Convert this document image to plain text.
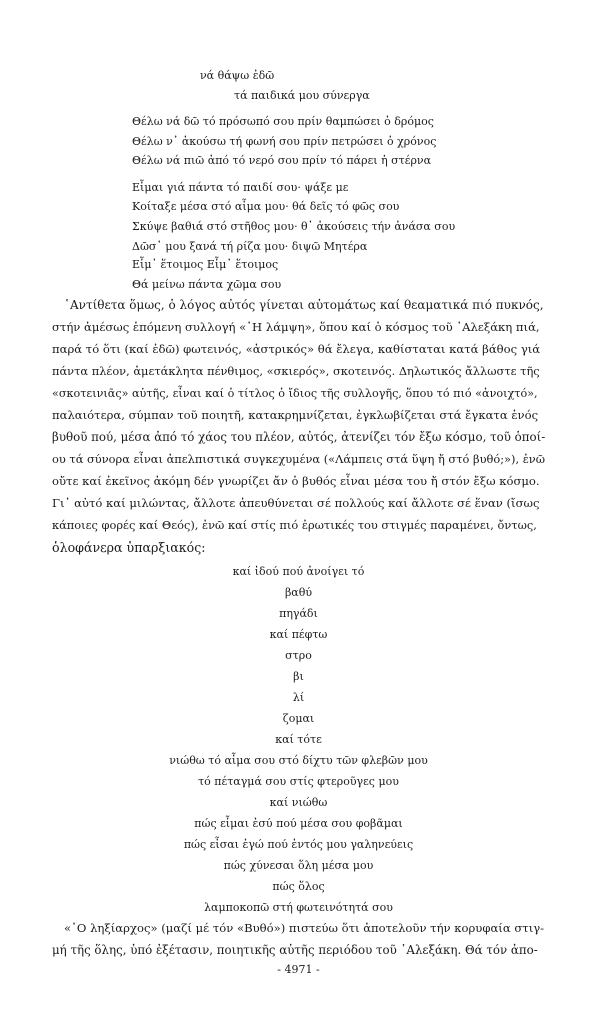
νά θάψω ἐδῶ
τά παιδικά μου σύνεργα
Θέλω νά δῶ τό πρόσωπό σου πρίν θαμπώσει ὁ δρόμος
Θέλω ν᾿ ἀκούσω τή φωνή σου πρίν πετρώσει ὁ χρόνος
Θέλω νά πιῶ ἀπό τό νερό σου πρίν τό πάρει ἡ στέρνα
Εἶμαι γιά πάντα τό παιδί σου· ψάξε με
Κοίταξε μέσα στό αἷμα μου· θά δεῖς τό φῶς σου
Σκύψε βαθιά στό στῆθος μου· θ᾿ ἀκούσεις τήν ἀνάσα σου
Δῶσ᾿ μου ξανά τή ρίζα μου· διψῶ Μητέρα
Εἶμ᾿ ἕτοιμος Εἶμ᾿ ἕτοιμος
Θά μείνω πάντα χῶμα σου
῾Αντίθετα ὅμως, ὁ λόγος αὐτός γίνεται αὐτομάτως καί θεαματικά πιό πυκνός,
στήν ἀμέσως ἑπόμενη συλλογή «῾Η λάμψη», ὅπου καί ὁ κόσμος τοῦ ᾿Αλεξάκη πιά,
παρά τό ὅτι (καί ἐδῶ) φωτεινός, «ἀστρικός» θά ἔλεγα, καθίσταται κατά βάθος γιά
πάντα πλέον, ἀμετάκλητα πένθιμος, «σκιερός», σκοτεινός. Δηλωτικός ἄλλωστε τῆς
«σκοτεινιᾶς» αὐτῆς, εἶναι καί ὁ τίτλος ὁ ἴδιος τῆς συλλογῆς, ὅπου τό πιό «ἀνοιχτό»,
παλαιότερα, σύμπαν τοῦ ποιητῆ, κατακρημνίζεται, ἐγκλωβίζεται στά ἔγκατα ἑνός
βυθοῦ πού, μέσα ἀπό τό χάος του πλέον, αὐτός, ἀτενίζει τόν ἔξω κόσμο, τοῦ ὁποί-
ου τά σύνορα εἶναι ἀπελπιστικά συγκεχυμένα («Λάμπεις στά ὕψη ἤ στό βυθό;»), ἐνῶ
οὔτε καί ἐκεῖνος ἀκόμη δέν γνωρίζει ἄν ὁ βυθός εἶναι μέσα του ἤ στόν ἔξω κόσμο.
Γι᾿ αὐτό καί μιλώντας, ἄλλοτε ἀπευθύνεται σέ πολλούς καί ἄλλοτε σέ ἕναν (ἴσως
κάποιες φορές καί Θεός), ἐνῶ καί στίς πιό ἐρωτικές του στιγμές παραμένει, ὄντως,
ὁλοφάνερα ὑπαρξιακός:
καί ἰδού πού ἀνοίγει τό
βαθύ
πηγάδι
καί πέφτω
στρο
βι
λί
ζομαι
καί τότε
νιώθω τό αἷμα σου στό δίχτυ τῶν φλεβῶν μου
τό πέταγμά σου στίς φτεροῦγες μου
καί νιώθω
πώς εἶμαι ἐσύ πού μέσα σου φοβᾶμαι
πώς εἶσαι ἐγώ πού ἐντός μου γαληνεύεις
πώς χύνεσαι ὅλη μέσα μου
πώς ὅλος
λαμποκοπῶ στή φωτεινότητά σου
«῾Ο ληξίαρχος» (μαζί μέ τόν «Βυθό») πιστεύω ὅτι ἀποτελοῦν τήν κορυφαία στιγ-
μή τῆς ὅλης, ὑπό ἐξέτασιν, ποιητικῆς αὐτῆς περιόδου τοῦ ᾿Αλεξάκη. Θά τόν ἀπο-
- 4971 -
